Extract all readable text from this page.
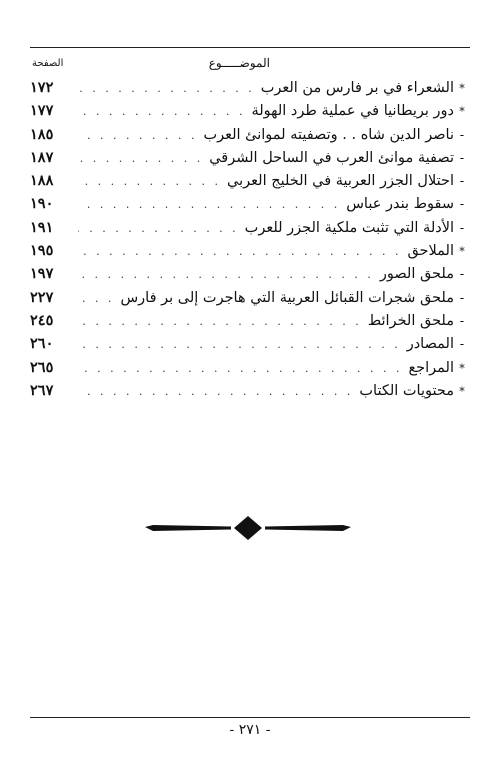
الموضـــــوع
الصفحة
*
الشعراء في بر فارس من العرب
. . .
١٧٢
*
دور بريطانيا في عملية طرد الهولة
. . .
١٧٧
-
ناصر الدين شاه . . وتصفيته لموانئ العرب
. . .
١٨٥
-
تصفية موانئ العرب في الساحل الشرقي
. . .
١٨٧
-
احتلال الجزر العربية في الخليج العربي
. . .
١٨٨
-
سقوط بندر عباس
. . .
١٩٠
-
الأدلة التي تثبت ملكية الجزر للعرب
. . .
١٩١
*
الملاحق
. . .
١٩٥
-
ملحق الصور
. . .
١٩٧
-
ملحق شجرات القبائل العربية التي هاجرت إلى بر فارس
. . .
٢٢٧
-
ملحق الخرائط
. . .
٢٤٥
-
المصادر
. . .
٢٦٠
*
المراجع
. . .
٢٦٥
*
محتويات الكتاب
. . .
٢٦٧
- ٢٧١ -
